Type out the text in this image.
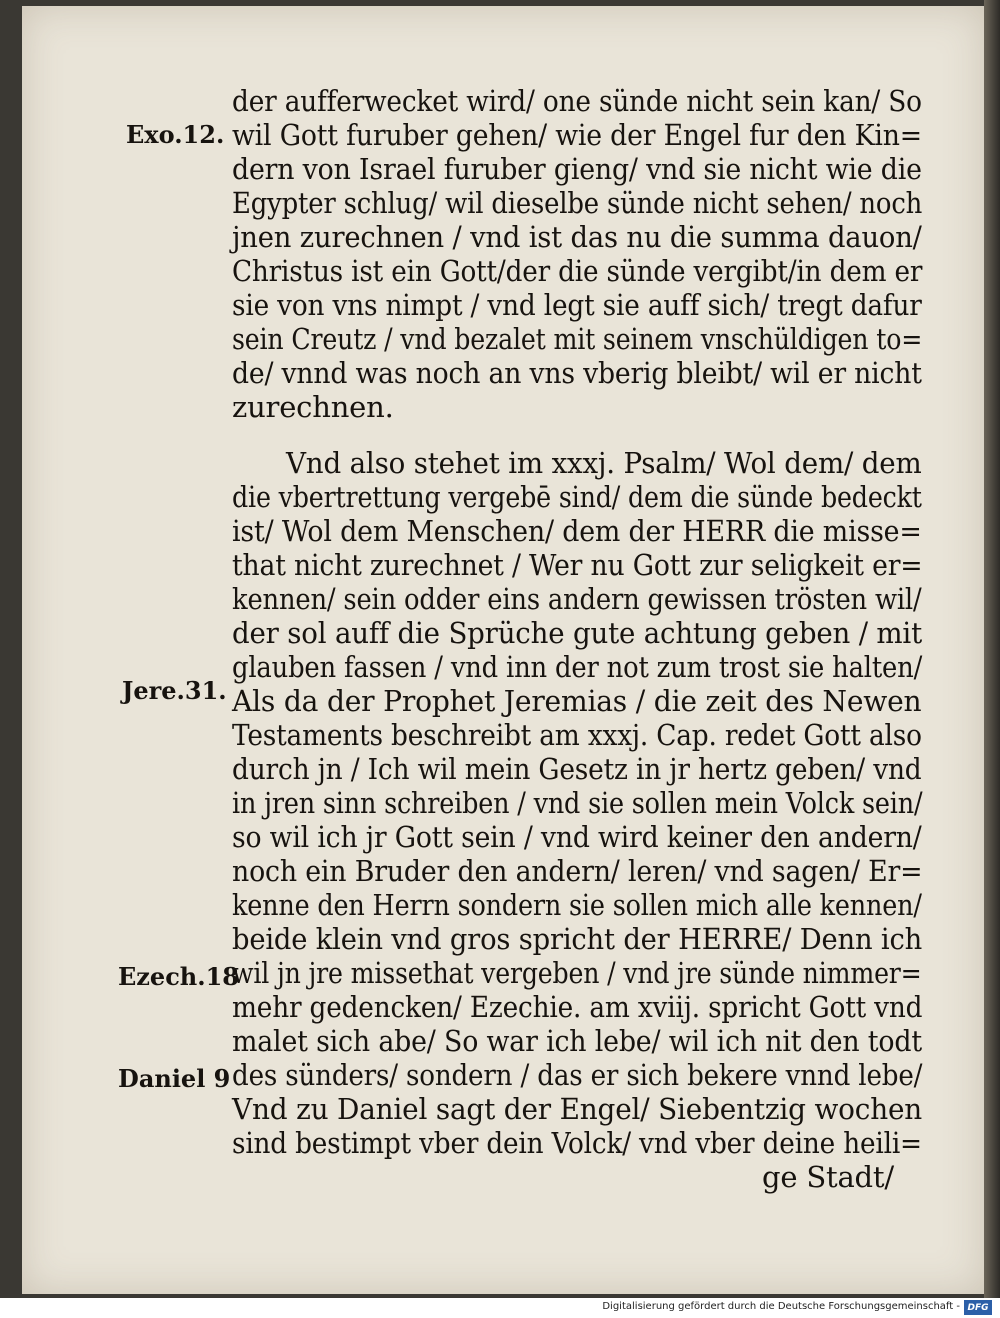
Exo.12.
Jere.31.
Ezech.18
Daniel 9
der aufferwecket wird/ one sünde nicht sein kan/ So
wil Gott furuber gehen/ wie der Engel fur den Kin=
dern von Israel furuber gieng/ vnd sie nicht wie die
Egypter schlug/ wil dieselbe sünde nicht sehen/ noch
jnen zurechnen / vnd ist das nu die summa dauon/
Christus ist ein Gott/der die sünde vergibt/in dem er
sie von vns nimpt / vnd legt sie auff sich/ tregt dafur
sein Creutz / vnd bezalet mit seinem vnschüldigen to=
de/ vnnd was noch an vns vberig bleibt/ wil er nicht
zurechnen.
Vnd also stehet im xxxj. Psalm/ Wol dem/ dem
die vbertrettung vergebē sind/ dem die sünde bedeckt
ist/ Wol dem Menschen/ dem der HERR die misse=
that nicht zurechnet / Wer nu Gott zur seligkeit er=
kennen/ sein odder eins andern gewissen trösten wil/
der sol auff die Sprüche gute achtung geben / mit
glauben fassen / vnd inn der not zum trost sie halten/
Als da der Prophet Jeremias / die zeit des Newen
Testaments beschreibt am xxxj. Cap. redet Gott also
durch jn / Ich wil mein Gesetz in jr hertz geben/ vnd
in jren sinn schreiben / vnd sie sollen mein Volck sein/
so wil ich jr Gott sein / vnd wird keiner den andern/
noch ein Bruder den andern/ leren/ vnd sagen/ Er=
kenne den Herrn sondern sie sollen mich alle kennen/
beide klein vnd gros spricht der HERRE/ Denn ich
wil jn jre missethat vergeben / vnd jre sünde nimmer=
mehr gedencken/ Ezechie. am xviij. spricht Gott vnd
malet sich abe/ So war ich lebe/ wil ich nit den todt
des sünders/ sondern / das er sich bekere vnnd lebe/
Vnd zu Daniel sagt der Engel/ Siebentzig wochen
sind bestimpt vber dein Volck/ vnd vber deine heili=
ge Stadt/
Digitalisierung gefördert durch die Deutsche Forschungsgemeinschaft - DFG
